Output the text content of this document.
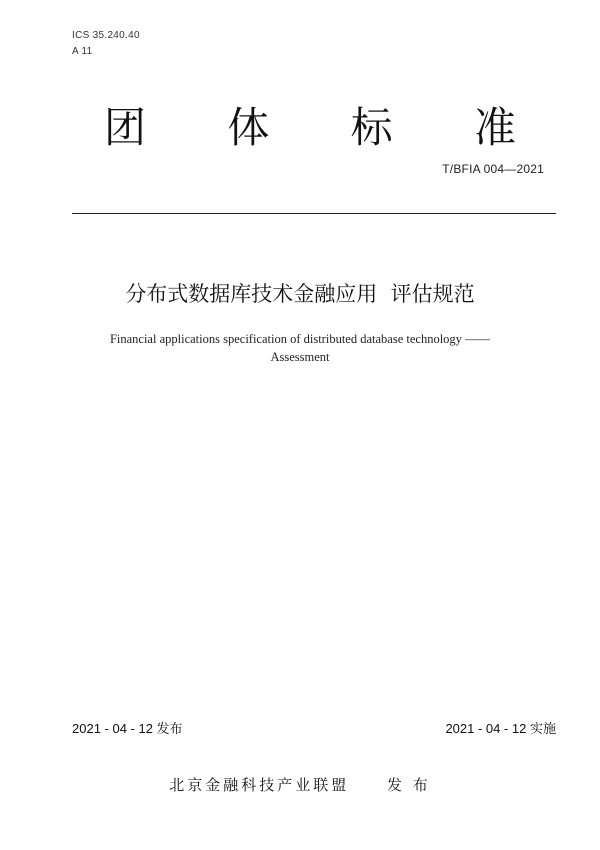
ICS 35.240.40
A 11
团 体 标 准
T/BFIA 004—2021
分布式数据库技术金融应用  评估规范
Financial applications specification of distributed database technology ——
Assessment
2021 - 04 - 12 发布	2021 - 04 - 12 实施
北京金融科技产业联盟	发 布
